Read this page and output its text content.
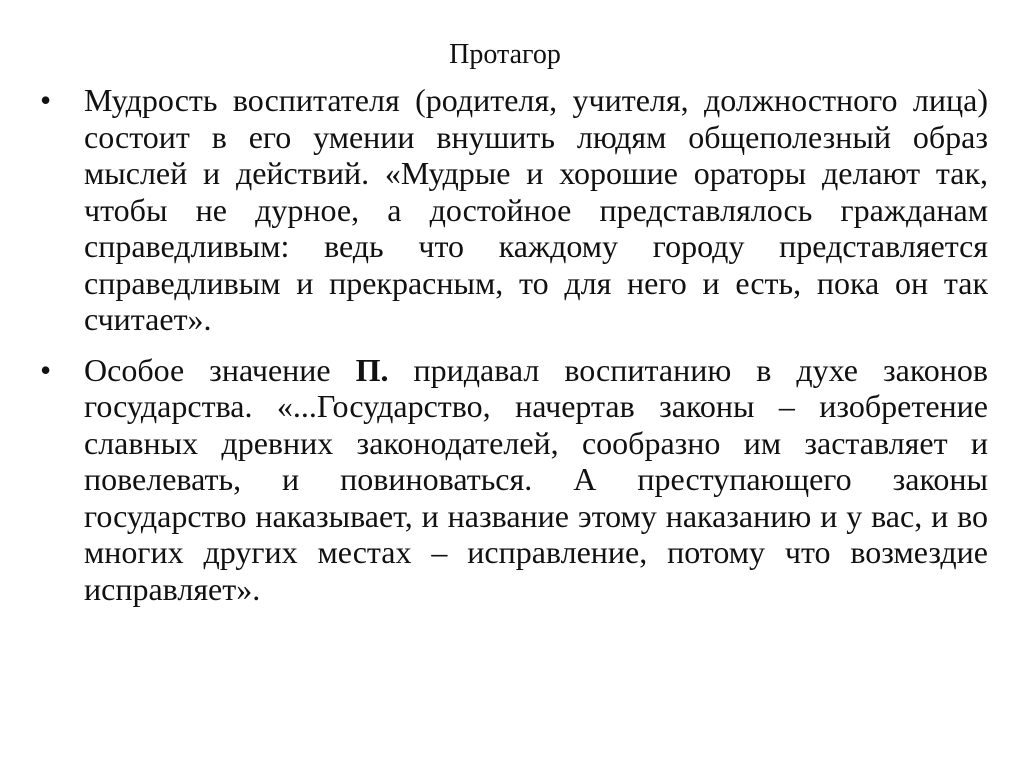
Протагор
• Мудрость воспитателя (родителя, учителя, должностного лица) состоит в его умении внушить людям общеполезный образ мыслей и действий. «Мудрые и хорошие ораторы делают так, чтобы не дурное, а достойное представлялось гражданам справедливым: ведь что каждому городу представляется справедливым и прекрасным, то для него и есть, пока он так считает».
• Особое значение П. придавал воспитанию в духе законов государства. «...Государство, начертав законы – изобретение славных древних законодателей, сообразно им заставляет и повелевать, и повиноваться. А преступающего законы государство наказывает, и название этому наказанию и у вас, и во многих других местах – исправление, потому что возмездие исправляет».
